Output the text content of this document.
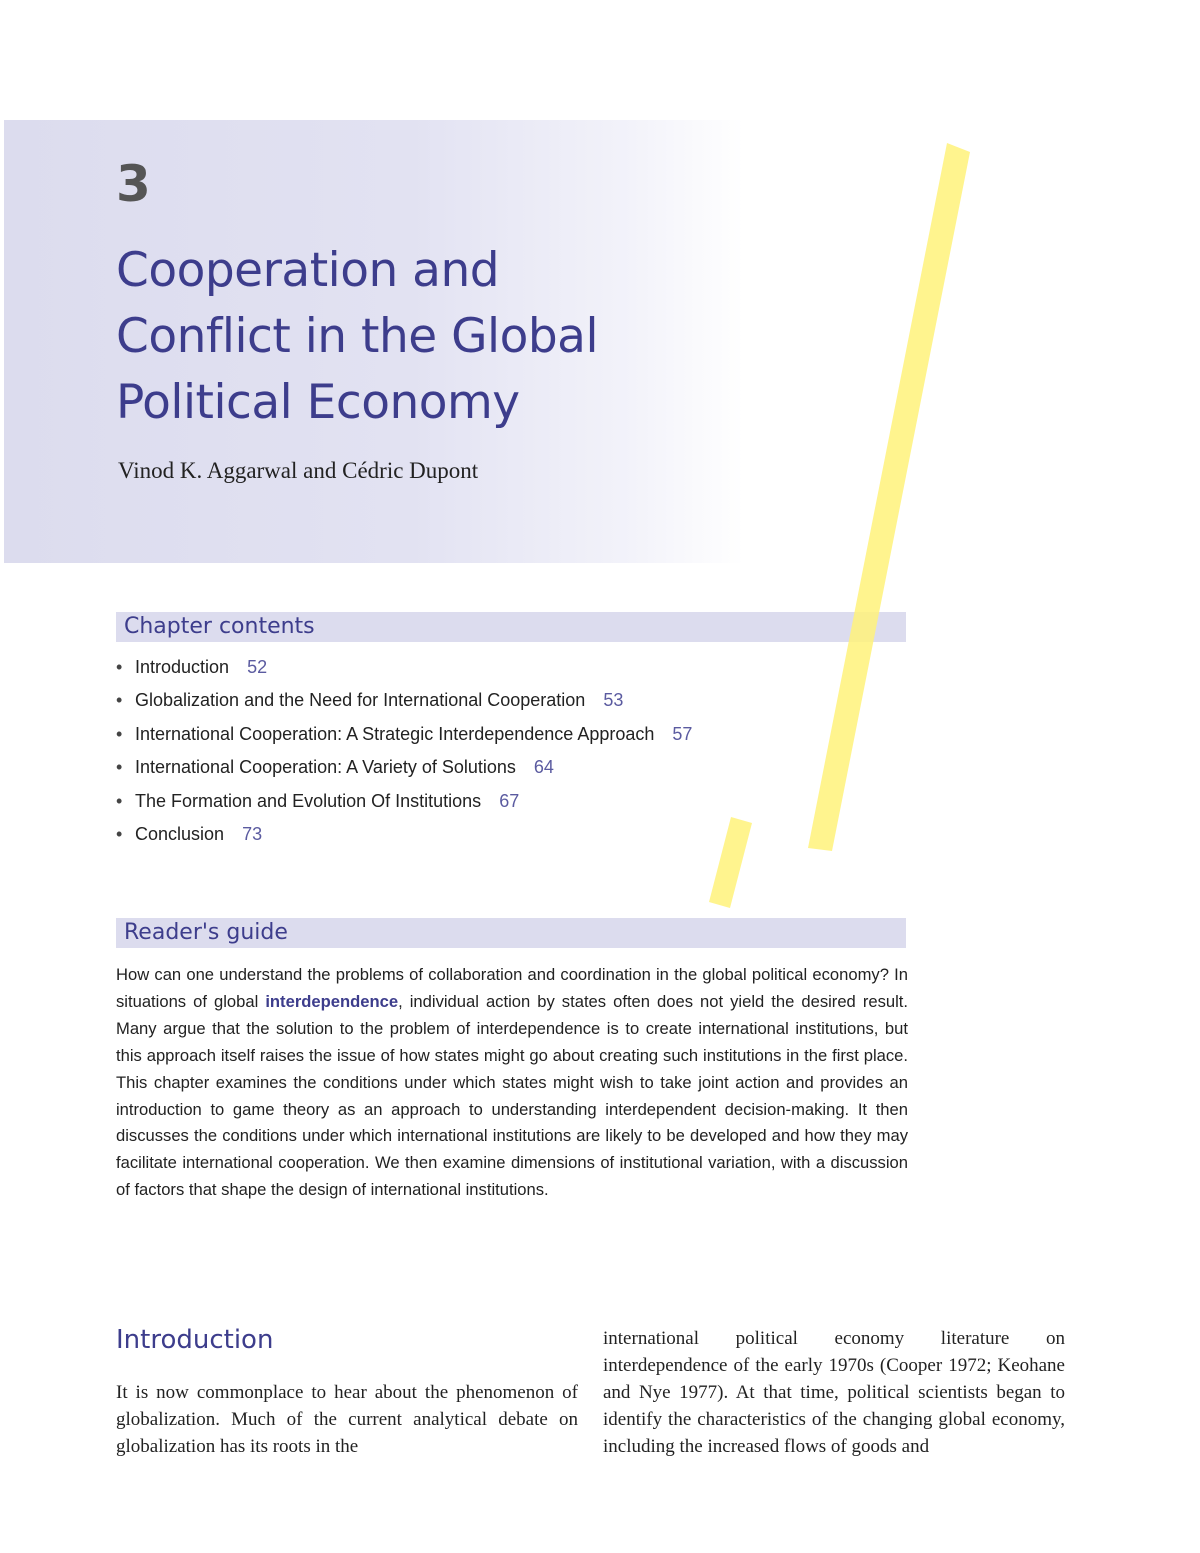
3
Cooperation and
Conflict in the Global
Political Economy
Vinod K. Aggarwal and Cédric Dupont
Chapter contents
• Introduction 52
• Globalization and the Need for International Cooperation 53
• International Cooperation: A Strategic Interdependence Approach 57
• International Cooperation: A Variety of Solutions 64
• The Formation and Evolution Of Institutions 67
• Conclusion 73
Reader's guide
How can one understand the problems of collaboration and coordination in the global political economy? In situations of global interdependence, individual action by states often does not yield the desired result. Many argue that the solution to the problem of interdependence is to create international institutions, but this approach itself raises the issue of how states might go about creating such institutions in the first place. This chapter examines the conditions under which states might wish to take joint action and provides an introduction to game theory as an approach to understanding interdependent decision-making. It then discusses the conditions under which international institutions are likely to be developed and how they may facilitate international cooperation. We then examine dimensions of institutional variation, with a discussion of factors that shape the design of international institutions.
Introduction
It is now commonplace to hear about the phenomenon of globalization. Much of the current analytical debate on globalization has its roots in the
international political economy literature on interdependence of the early 1970s (Cooper 1972; Keohane and Nye 1977). At that time, political scientists began to identify the characteristics of the changing global economy, including the increased flows of goods and
